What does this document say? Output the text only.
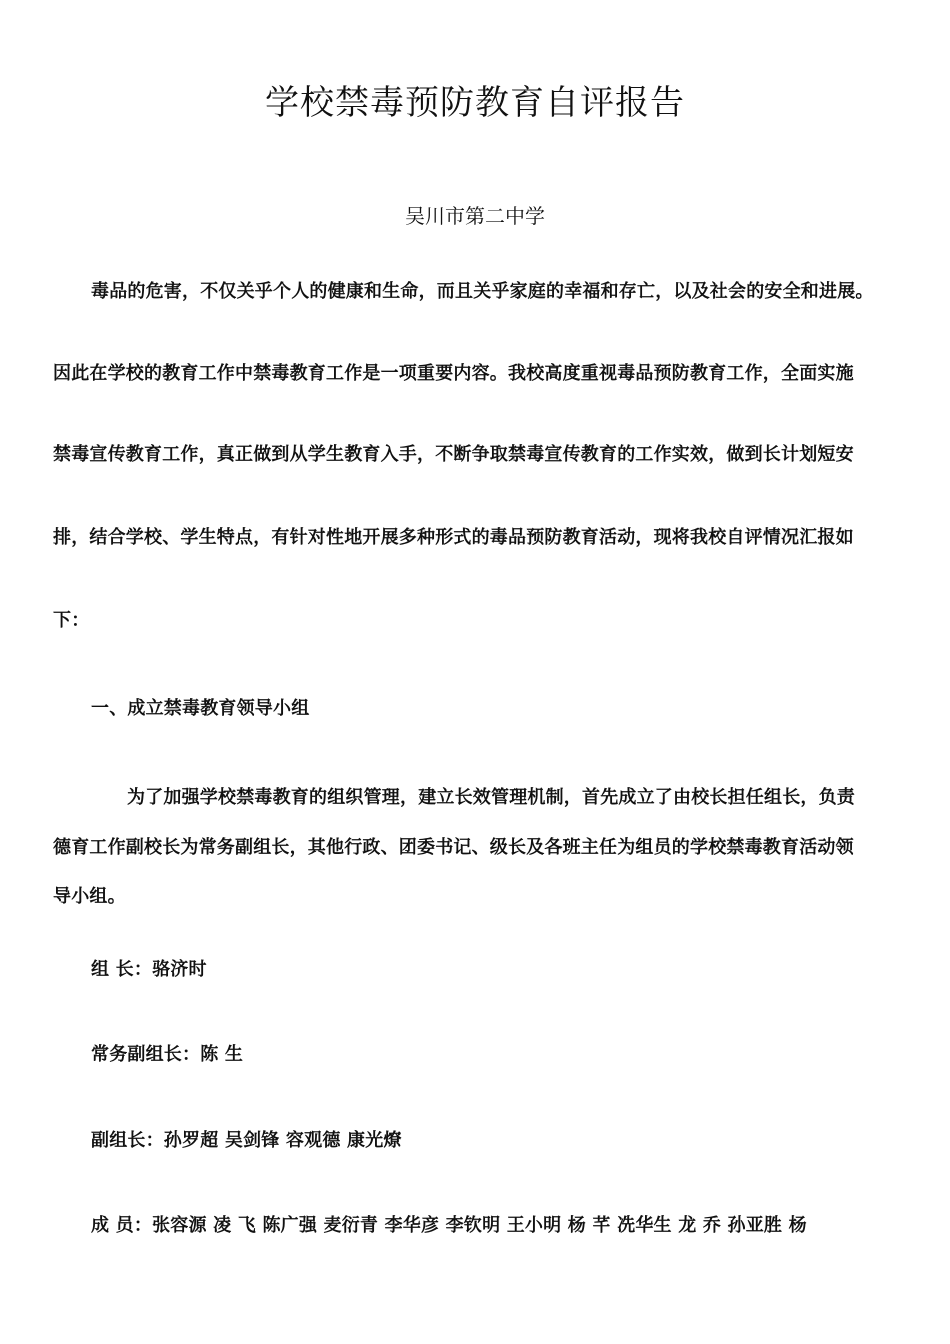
学校禁毒预防教育自评报告
吴川市第二中学
毒品的危害，不仅关乎个人的健康和生命，而且关乎家庭的幸福和存亡，以及社会的安全和进展。
因此在学校的教育工作中禁毒教育工作是一项重要内容。我校高度重视毒品预防教育工作，全面实施
禁毒宣传教育工作，真正做到从学生教育入手，不断争取禁毒宣传教育的工作实效，做到长计划短安
排，结合学校、学生特点，有针对性地开展多种形式的毒品预防教育活动，现将我校自评情况汇报如
下：
一、成立禁毒教育领导小组
为了加强学校禁毒教育的组织管理，建立长效管理机制，首先成立了由校长担任组长，负责
德育工作副校长为常务副组长，其他行政、团委书记、级长及各班主任为组员的学校禁毒教育活动领
导小组。
组 长：骆济时
常务副组长：陈 生
副组长：孙罗超 吴剑锋 容观德 康光燎
成 员：张容源 凌 飞 陈广强 麦衍青 李华彦 李钦明 王小明 杨 芊 冼华生 龙 乔 孙亚胜 杨
